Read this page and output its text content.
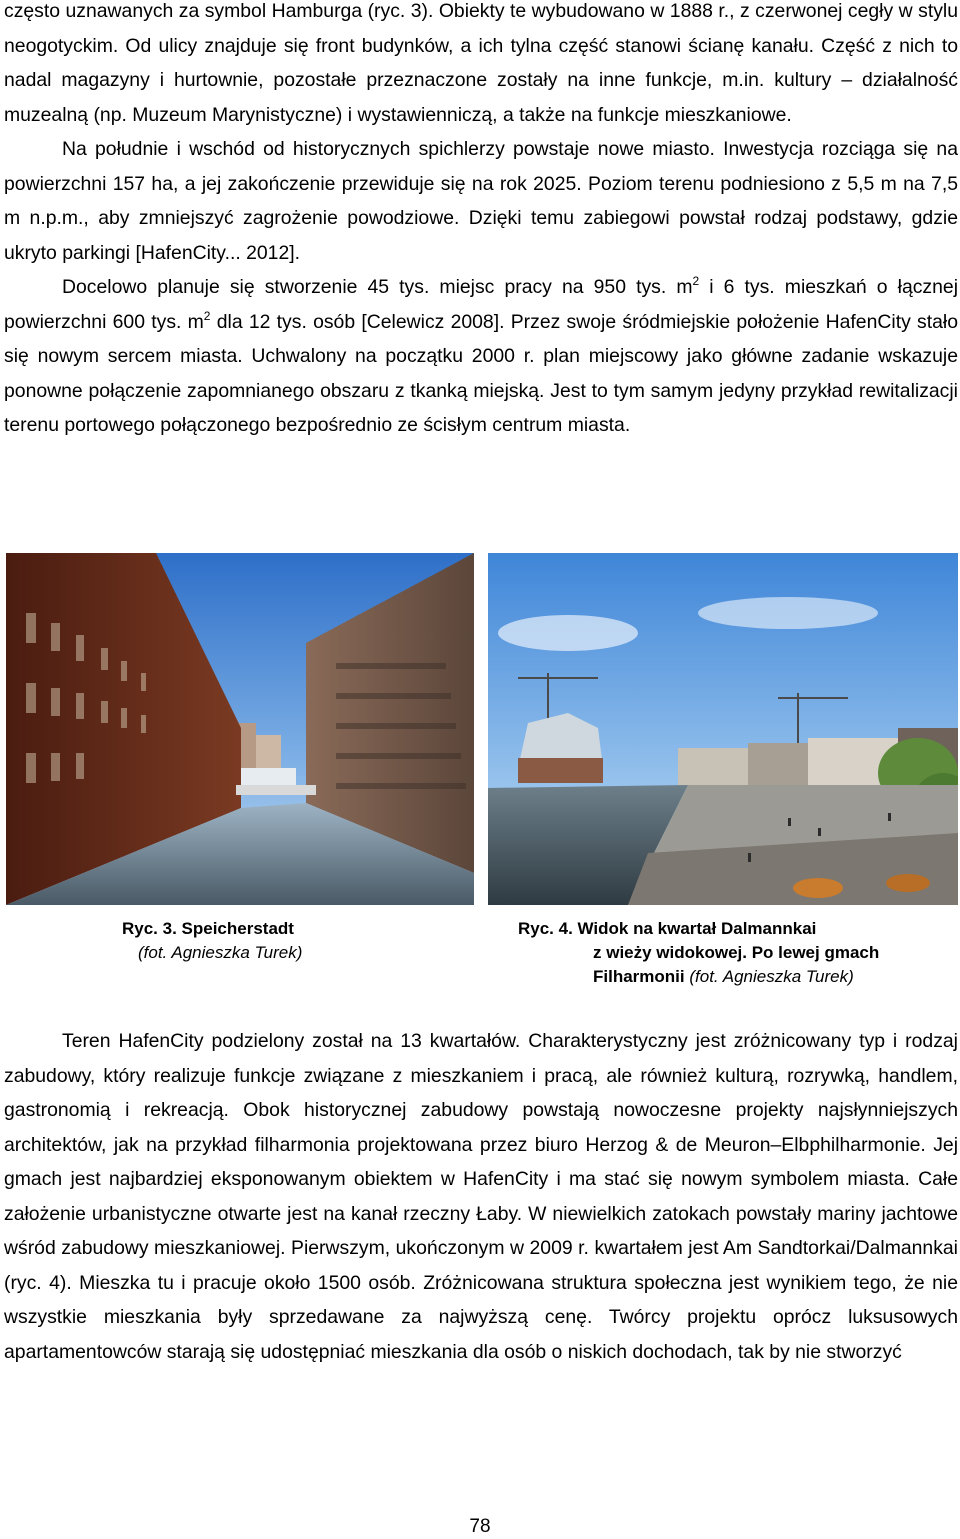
często uznawanych za symbol Hamburga (ryc. 3). Obiekty te wybudowano w 1888 r., z czerwonej cegły w stylu neogotyckim. Od ulicy znajduje się front budynków, a ich tylna część stanowi ścianę kanału. Część z nich to nadal magazyny i hurtownie, pozostałe przeznaczone zostały na inne funkcje, m.in. kultury – działalność muzealną (np. Muzeum Marynistyczne) i wystawienniczą, a także na funkcje mieszkaniowe.

Na południe i wschód od historycznych spichlerzy powstaje nowe miasto. Inwestycja rozciąga się na powierzchni 157 ha, a jej zakończenie przewiduje się na rok 2025. Poziom terenu podniesiono z 5,5 m na 7,5 m n.p.m., aby zmniejszyć zagrożenie powodziowe. Dzięki temu zabiegowi powstał rodzaj podstawy, gdzie ukryto parkingi [HafenCity... 2012].

Docelowo planuje się stworzenie 45 tys. miejsc pracy na 950 tys. $m^2$ i 6 tys. mieszkań o łącznej powierzchni 600 tys. $m^2$ dla 12 tys. osób [Celewicz 2008]. Przez swoje śródmiejskie położenie HafenCity stało się nowym sercem miasta. Uchwalony na początku 2000 r. plan miejscowy jako główne zadanie wskazuje ponowne połączenie zapomnianego obszaru z tkanką miejską. Jest to tym samym jedyny przykład rewitalizacji terenu portowego połączonego bezpośrednio ze ścisłym centrum miasta.

Ryc. 3. Speicherstadt
(fot. Agnieszka Turek)
Ryc. 4. Widok na kwartał Dalmannkai
z wieży widokowej. Po lewej gmach
Filharmonii (fot. Agnieszka Turek)

Teren HafenCity podzielony został na 13 kwartałów. Charakterystyczny jest zróżnicowany typ i rodzaj zabudowy, który realizuje funkcje związane z mieszkaniem i pracą, ale również kulturą, rozrywką, handlem, gastronomią i rekreacją. Obok historycznej zabudowy powstają nowoczesne projekty najsłynniejszych architektów, jak na przykład filharmonia projektowana przez biuro Herzog & de Meuron–Elbphilharmonie. Jej gmach jest najbardziej eksponowanym obiektem w HafenCity i ma stać się nowym symbolem miasta. Całe założenie urbanistyczne otwarte jest na kanał rzeczny Łaby. W niewielkich zatokach powstały mariny jachtowe wśród zabudowy mieszkaniowej. Pierwszym, ukończonym w 2009 r. kwartałem jest Am Sandtorkai/Dalmannkai (ryc. 4). Mieszka tu i pracuje około 1500 osób. Zróżnicowana struktura społeczna jest wynikiem tego, że nie wszystkie mieszkania były sprzedawane za najwyższą cenę. Twórcy projektu oprócz luksusowych apartamentowców starają się udostępniać mieszkania dla osób o niskich dochodach, tak by nie stworzyć

78
